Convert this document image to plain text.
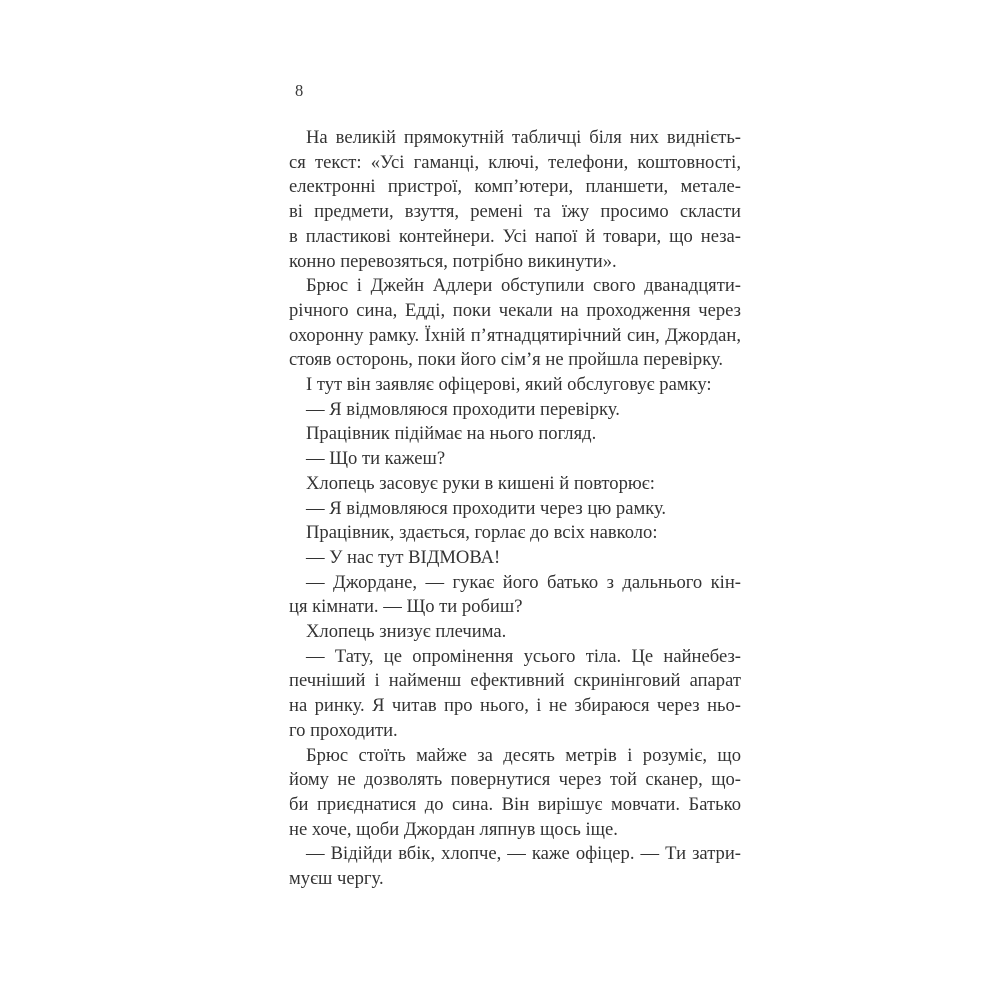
8

На великій прямокутній табличці біля них виднієть-
ся текст: «Усі гаманці, ключі, телефони, коштовності,
електронні пристрої, комп’ютери, планшети, метале-
ві предмети, взуття, ремені та їжу просимо скласти
в пластикові контейнери. Усі напої й товари, що неза-
конно перевозяться, потрібно викинути».

Брюс і Джейн Адлери обступили свого дванадцяти-
річного сина, Едді, поки чекали на проходження через
охоронну рамку. Їхній п’ятнадцятирічний син, Джордан,
стояв осторонь, поки його сім’я не пройшла перевірку.

І тут він заявляє офіцерові, який обслуговує рамку:

— Я відмовляюся проходити перевірку.

Працівник підіймає на нього погляд.

— Що ти кажеш?

Хлопець засовує руки в кишені й повторює:

— Я відмовляюся проходити через цю рамку.

Працівник, здається, горлає до всіх навколо:

— У нас тут ВІДМОВА!

— Джордане, — гукає його батько з дальнього кін-
ця кімнати. — Що ти робиш?

Хлопець знизує плечима.

— Тату, це опромінення усього тіла. Це найнебез-
печніший і найменш ефективний скринінговий апарат
на ринку. Я читав про нього, і не збираюся через ньо-
го проходити.

Брюс стоїть майже за десять метрів і розуміє, що
йому не дозволять повернутися через той сканер, що-
би приєднатися до сина. Він вирішує мовчати. Батько
не хоче, щоби Джордан ляпнув щось іще.

— Відійди вбік, хлопче, — каже офіцер. — Ти затри-
муєш чергу.
